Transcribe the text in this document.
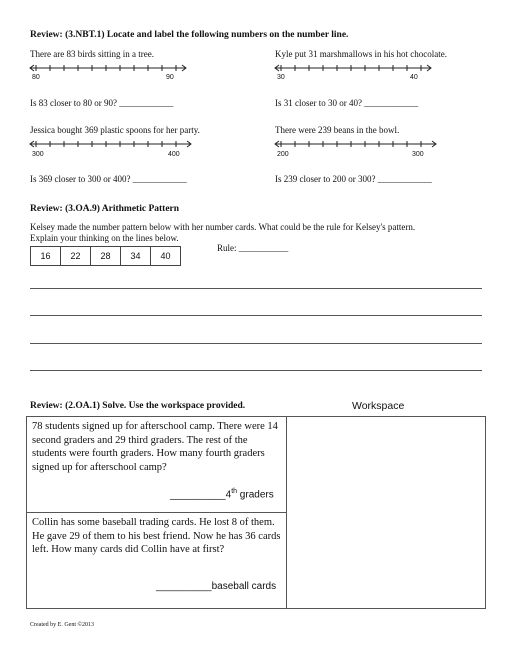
Review: (3.NBT.1) Locate and label the following numbers on the number line.
There are 83 birds sitting in a tree.
80	90
Is 83 closer to 80 or 90? ____________
Kyle put 31 marshmallows in his hot chocolate.
30	40
Is 31 closer to 30 or 40? ____________
Jessica bought 369 plastic spoons for her party.
300	400
Is 369 closer to 300 or 400? ____________
There were 239 beans in the bowl.
200	300
Is 239 closer to 200 or 300? ____________
Review: (3.OA.9) Arithmetic Pattern
Kelsey made the number pattern below with her number cards. What could be the rule for Kelsey's pattern.
Explain your thinking on the lines below.
Rule: ___________
16	22	28	34	40
Review: (2.OA.1) Solve. Use the workspace provided.	Workspace
78 students signed up for afterschool camp. There were 14 second graders and 29 third graders. The rest of the students were fourth graders. How many fourth graders signed up for afterschool camp?
__________4th graders
Collin has some baseball trading cards. He lost 8 of them. He gave 29 of them to his best friend. Now he has 36 cards left. How many cards did Collin have at first?
__________baseball cards
Created by E. Gent ©2013
